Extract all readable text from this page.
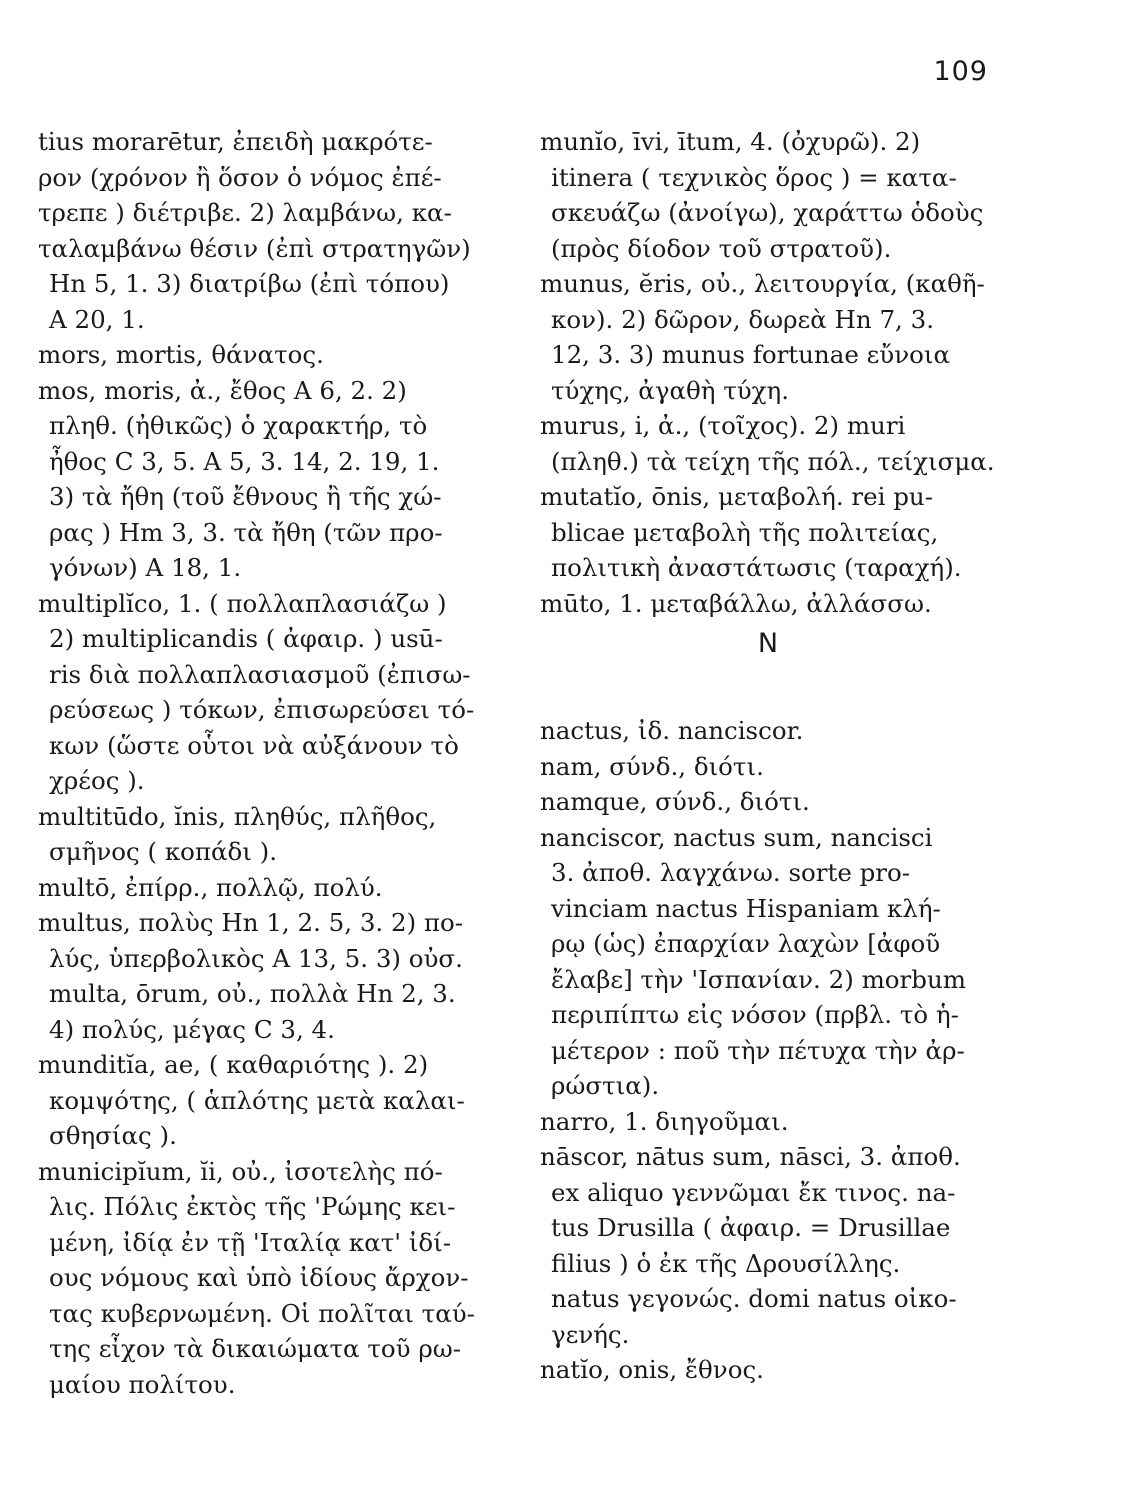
109
tius morarētur, ἐπειδὴ μακρότε-
ρον (χρόνον ἢ ὅσον ὁ νόμος ἐπέ-
τρεπε ) διέτριβε. 2) λαμβάνω, κα-
ταλαμβάνω θέσιν (ἐπὶ στρατηγῶν)
Hn 5, 1. 3) διατρίβω (ἐπὶ τόπου)
A 20, 1.
mors, mortis, θάνατος.
mos, moris, ἀ., ἔθος A 6, 2. 2)
πληθ. (ἠθικῶς) ὁ χαρακτήρ, τὸ
ἦθος C 3, 5. A 5, 3. 14, 2. 19, 1.
3) τὰ ἤθη (τοῦ ἔθνους ἢ τῆς χώ-
ρας ) Hm 3, 3. τὰ ἤθη (τῶν προ-
γόνων) A 18, 1.
multiplĭco, 1. ( πολλαπλασιάζω )
2) multiplicandis ( ἀφαιρ. ) usū-
ris διὰ πολλαπλασιασμοῦ (ἐπισω-
ρεύσεως ) τόκων, ἐπισωρεύσει τό-
κων (ὥστε οὗτοι νὰ αὐξάνουν τὸ
χρέος ).
multitūdo, ĭnis, πληθύς, πλῆθος,
σμῆνος ( κοπάδι ).
multō, ἐπίρρ., πολλῷ, πολύ.
multus, πολὺς Hn 1, 2. 5, 3. 2) πο-
λύς, ὑπερβολικὸς A 13, 5. 3) οὐσ.
multa, ōrum, οὐ., πολλὰ Hn 2, 3.
4) πολύς, μέγας C 3, 4.
munditĭa, ae, ( καθαριότης ). 2)
κομψότης, ( ἁπλότης μετὰ καλαι-
σθησίας ).
municipĭum, ĭi, οὐ., ἰσοτελὴς πό-
λις. Πόλις ἐκτὸς τῆς 'Ρώμης κει-
μένη, ἰδίᾳ ἐν τῇ 'Ιταλίᾳ κατ' ἰδί-
ους νόμους καὶ ὑπὸ ἰδίους ἄρχον-
τας κυβερνωμένη. Οἱ πολῖται ταύ-
της εἶχον τὰ δικαιώματα τοῦ ρω-
μαίου πολίτου.
munĭo, īvi, ītum, 4. (ὀχυρῶ). 2)
itinera ( τεχνικὸς ὅρος ) = κατα-
σκευάζω (ἀνοίγω), χαράττω ὁδοὺς
(πρὸς δίοδον τοῦ στρατοῦ).
munus, ĕris, οὐ., λειτουργία, (καθῆ-
κον). 2) δῶρον, δωρεὰ Hn 7, 3.
12, 3. 3) munus fortunae εὔνοια
τύχης, ἀγαθὴ τύχη.
murus, i, ἀ., (τοῖχος). 2) muri
(πληθ.) τὰ τείχη τῆς πόλ., τείχισμα.
mutatĭo, ōnis, μεταβολή. rei pu-
blicae μεταβολὴ τῆς πολιτείας,
πολιτικὴ ἀναστάτωσις (ταραχή).
mūto, 1. μεταβάλλω, ἀλλάσσω.
N
nactus, ἰδ. nanciscor.
nam, σύνδ., διότι.
namque, σύνδ., διότι.
nanciscor, nactus sum, nancisci
3. ἀποθ. λαγχάνω. sorte pro-
vinciam nactus Hispaniam κλή-
ρῳ (ὡς) ἐπαρχίαν λαχὼν [ἀφοῦ
ἔλαβε] τὴν 'Ισπανίαν. 2) morbum
περιπίπτω εἰς νόσον (πρβλ. τὸ ἡ-
μέτερον : ποῦ τὴν πέτυχα τὴν ἀρ-
ρώστια).
narro, 1. διηγοῦμαι.
nāscor, nātus sum, nāsci, 3. ἀποθ.
ex aliquo γεννῶμαι ἔκ τινος. na-
tus Drusilla ( ἀφαιρ. = Drusillae
filius ) ὁ ἐκ τῆς Δρουσίλλης.
natus γεγονώς. domi natus οἰκο-
γενής.
natĭo, onis, ἔθνος.
